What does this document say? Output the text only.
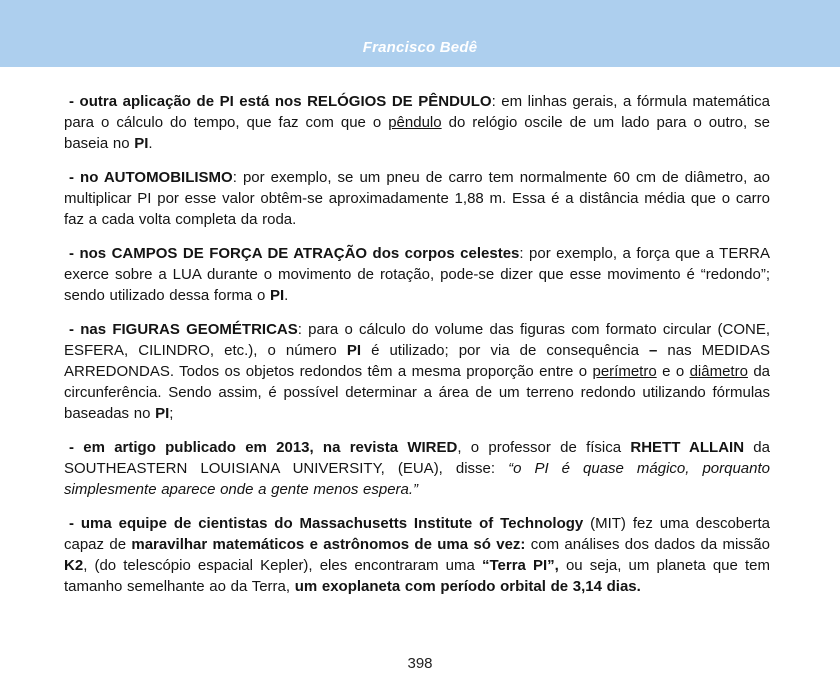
Francisco Bedê

- outra aplicação de PI está nos RELÓGIOS DE PÊNDULO: em linhas gerais, a fórmula matemática para o cálculo do tempo, que faz com que o pêndulo do relógio oscile de um lado para o outro, se baseia no PI.

- no AUTOMOBILISMO: por exemplo, se um pneu de carro tem normalmente 60 cm de diâmetro, ao multiplicar PI por esse valor obtêm-se aproximadamente 1,88 m. Essa é a distância média que o carro faz a cada volta completa da roda.

- nos CAMPOS DE FORÇA DE ATRAÇÃO dos corpos celestes: por exemplo, a força que a TERRA exerce sobre a LUA durante o movimento de rotação, pode-se dizer que esse movimento é “redondo”; sendo utilizado dessa forma o PI.

- nas FIGURAS GEOMÉTRICAS: para o cálculo do volume das figuras com formato circular (CONE, ESFERA, CILINDRO, etc.), o número PI é utilizado; por via de consequência – nas MEDIDAS ARREDONDAS. Todos os objetos redondos têm a mesma proporção entre o perímetro e o diâmetro da circunferência. Sendo assim, é possível determinar a área de um terreno redondo utilizando fórmulas baseadas no PI;

- em artigo publicado em 2013, na revista WIRED, o professor de física RHETT ALLAIN da SOUTHEASTERN LOUISIANA UNIVERSITY, (EUA), disse: “o PI é quase mágico, porquanto simplesmente aparece onde a gente menos espera.”

- uma equipe de cientistas do Massachusetts Institute of Technology (MIT) fez uma descoberta capaz de maravilhar matemáticos e astrônomos de uma só vez: com análises dos dados da missão K2, (do telescópio espacial Kepler), eles encontraram uma “Terra PI”, ou seja, um planeta que tem tamanho semelhante ao da Terra, um exoplaneta com período orbital de 3,14 dias.

398
